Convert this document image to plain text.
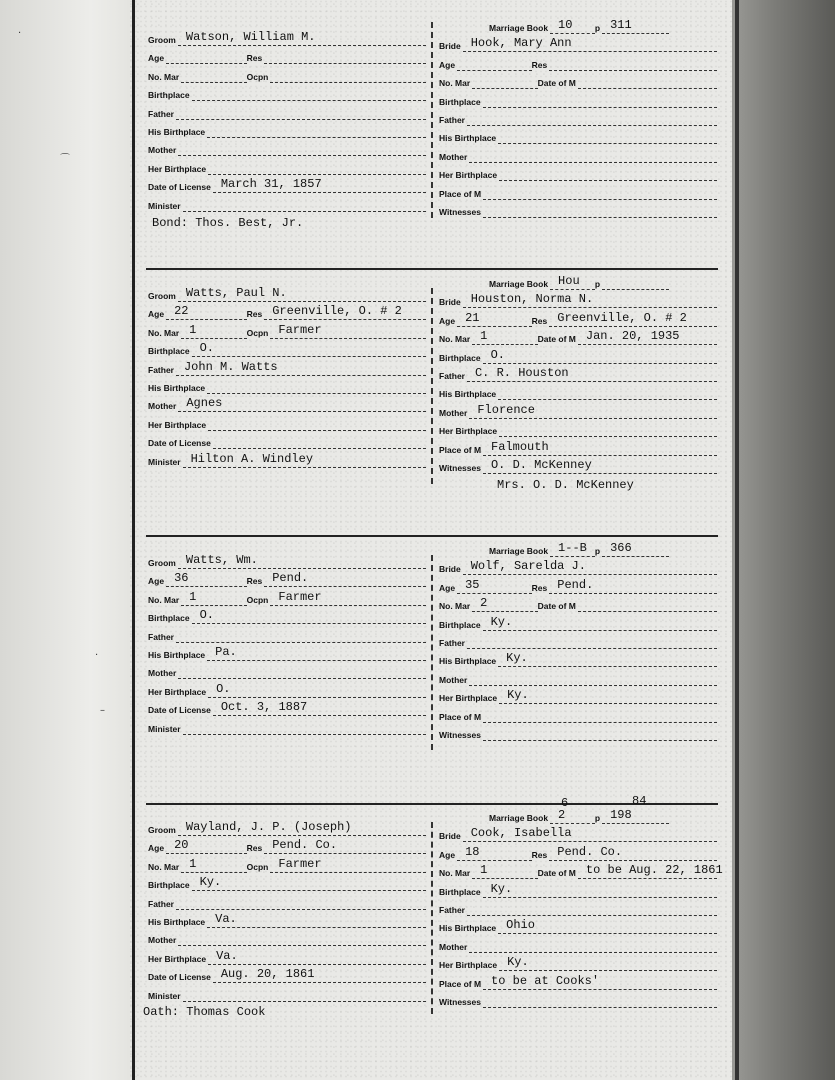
·
⌒
·
–
Groom Watson, William M.
Age	Res
No. Mar	Ocpn
Birthplace
Father
His Birthplace
Mother
Her Birthplace
Date of License March 31, 1857
Minister
Marriage Book 10	p 311
Bride Hook, Mary Ann
Age	Res
No. Mar	Date of M
Birthplace
Father
His Birthplace
Mother
Her Birthplace
Place of M
Witnesses
Bond: Thos. Best, Jr.
Groom Watts, Paul N.
Age 22	Res Greenville, O. # 2
No. Mar 1	Ocpn Farmer
Birthplace O.
Father John M. Watts
His Birthplace
Mother Agnes
Her Birthplace
Date of License
Minister Hilton A. Windley
Marriage Book Hou p
Bride Houston, Norma N.
Age 21	Res Greenville, O. # 2
No. Mar 1	Date of M Jan. 20, 1935
Birthplace O.
Father C. R. Houston
His Birthplace
Mother Florence
Her Birthplace
Place of M Falmouth
Witnesses O. D. McKenney
Mrs. O. D. McKenney
Groom Watts, Wm.
Age 36	Res Pend.
No. Mar 1	Ocpn Farmer
Birthplace O.
Father
His Birthplace Pa.
Mother
Her Birthplace O.
Date of License Oct. 3, 1887
Minister
Marriage Book 1--B p 366
Bride Wolf, Sarelda J.
Age 35	Res Pend.
No. Mar 2	Date of M
Birthplace Ky.
Father
His Birthplace Ky.
Mother
Her Birthplace Ky.
Place of M
Witnesses
Groom Wayland, J. P. (Joseph)
Age 20	Res Pend. Co.
No. Mar 1	Ocpn Farmer
Birthplace Ky.
Father
His Birthplace Va.
Mother
Her Birthplace Va.
Date of License Aug. 20, 1861
Minister
Marriage Book 2	p 198
6	84
Bride Cook, Isabella
Age 18	Res Pend. Co.
No. Mar 1	Date of M to be Aug. 22, 1861
Birthplace Ky.
Father
His Birthplace Ohio
Mother
Her Birthplace Ky.
Place of M to be at Cooks'
Witnesses
Oath: Thomas Cook
